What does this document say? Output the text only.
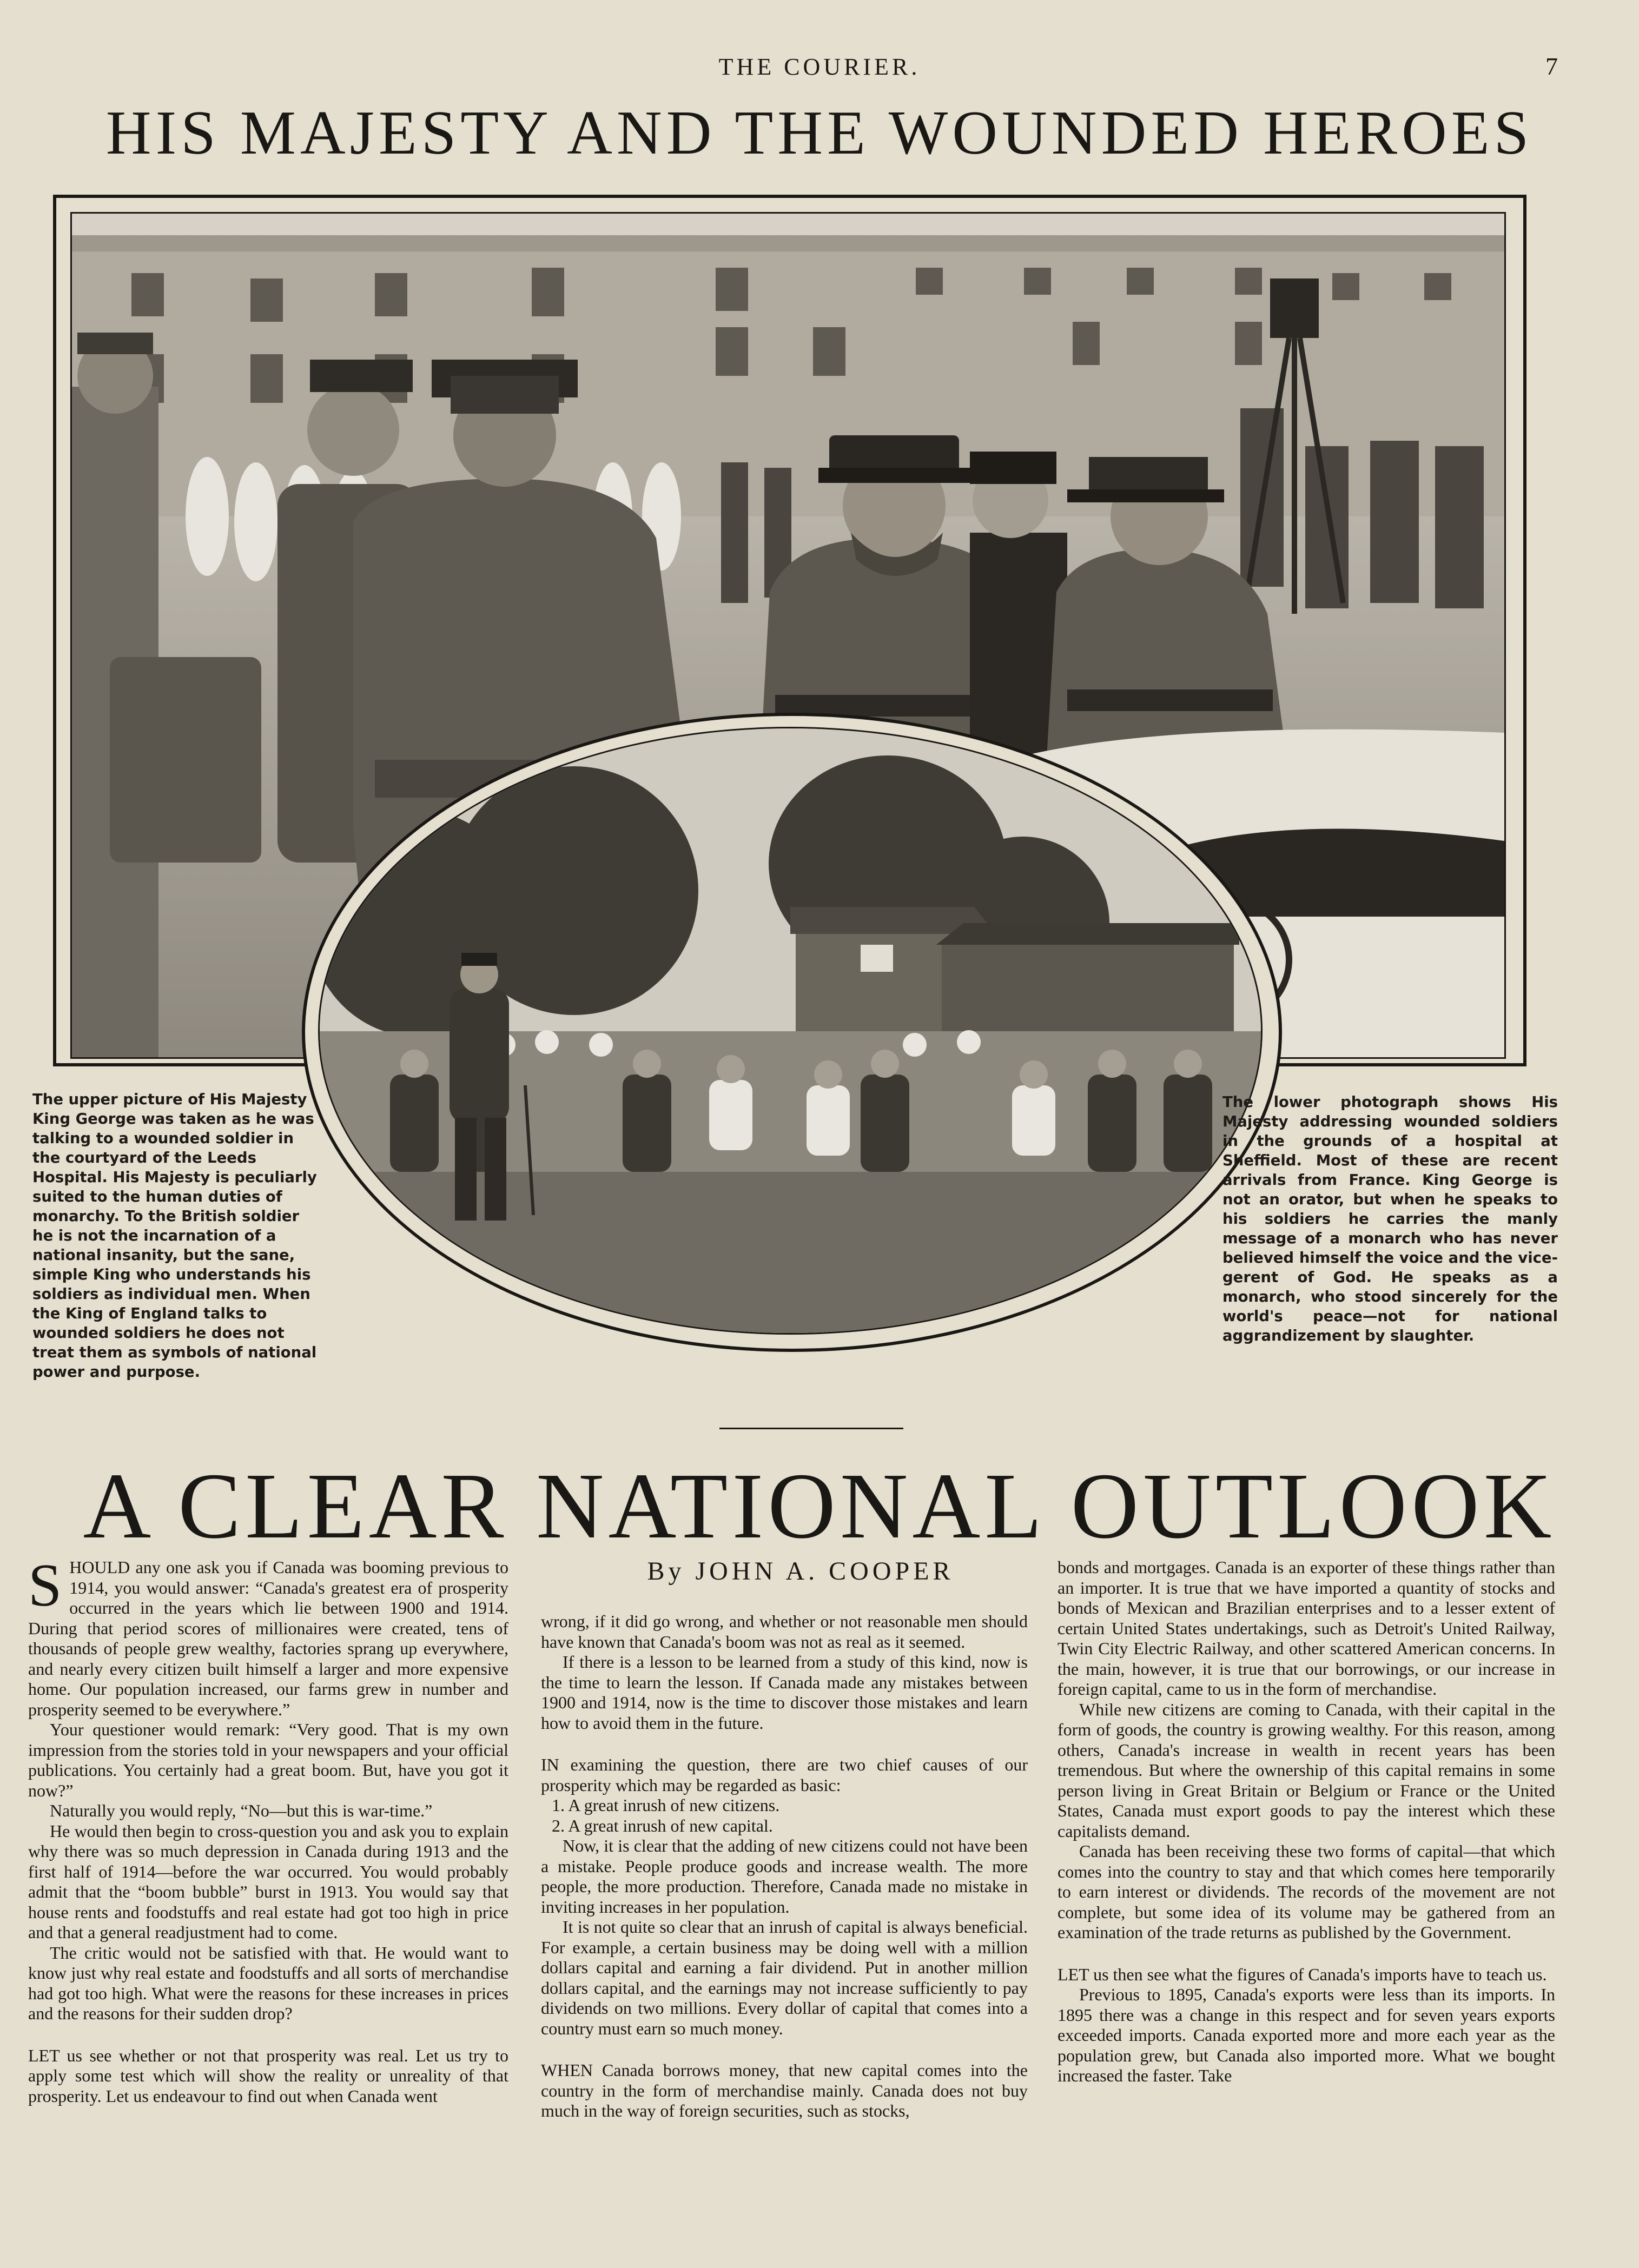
THE COURIER.	7
HIS MAJESTY AND THE WOUNDED HEROES
The upper picture of His Majesty King George was taken as he was talking to a wounded soldier in the courtyard of the Leeds Hospital. His Majesty is peculiarly suited to the human duties of monarchy. To the British soldier he is not the incarnation of a national insanity, but the sane, simple King who understands his soldiers as individual men. When the King of England talks to wounded soldiers he does not treat them as symbols of national power and purpose.
The lower photograph shows His Majesty addressing wounded soldiers in the grounds of a hospital at Sheffield. Most of these are recent arrivals from France. King George is not an orator, but when he speaks to his soldiers he carries the manly message of a monarch who has never believed himself the voice and the vice-gerent of God. He speaks as a monarch, who stood sincerely for the world's peace—not for national aggrandizement by slaughter.
A CLEAR NATIONAL OUTLOOK
By JOHN A. COOPER

SHOULD any one ask you if Canada was booming previous to 1914, you would answer: “Canada's greatest era of prosperity occurred in the years which lie between 1900 and 1914. During that period scores of millionaires were created, tens of thousands of people grew wealthy, factories sprang up everywhere, and nearly every citizen built himself a larger and more expensive home. Our population increased, our farms grew in number and prosperity seemed to be everywhere.”

Your questioner would remark: “Very good. That is my own impression from the stories told in your newspapers and your official publications. You certainly had a great boom. But, have you got it now?”

Naturally you would reply, “No—but this is war-time.”

He would then begin to cross-question you and ask you to explain why there was so much depression in Canada during 1913 and the first half of 1914—before the war occurred. You would probably admit that the “boom bubble” burst in 1913. You would say that house rents and foodstuffs and real estate had got too high in price and that a general readjustment had to come.

The critic would not be satisfied with that. He would want to know just why real estate and foodstuffs and all sorts of merchandise had got too high. What were the reasons for these increases in prices and the reasons for their sudden drop?

LET us see whether or not that prosperity was real. Let us try to apply some test which will show the reality or unreality of that prosperity. Let us endeavour to find out when Canada went

wrong, if it did go wrong, and whether or not reasonable men should have known that Canada's boom was not as real as it seemed.

If there is a lesson to be learned from a study of this kind, now is the time to learn the lesson. If Canada made any mistakes between 1900 and 1914, now is the time to discover those mistakes and learn how to avoid them in the future.

IN examining the question, there are two chief causes of our prosperity which may be regarded as basic:

1. A great inrush of new citizens.

2. A great inrush of new capital.

Now, it is clear that the adding of new citizens could not have been a mistake. People produce goods and increase wealth. The more people, the more production. Therefore, Canada made no mistake in inviting increases in her population.

It is not quite so clear that an inrush of capital is always beneficial. For example, a certain business may be doing well with a million dollars capital and earning a fair dividend. Put in another million dollars capital, and the earnings may not increase sufficiently to pay dividends on two millions. Every dollar of capital that comes into a country must earn so much money.

WHEN Canada borrows money, that new capital comes into the country in the form of merchandise mainly. Canada does not buy much in the way of foreign securities, such as stocks,

bonds and mortgages. Canada is an exporter of these things rather than an importer. It is true that we have imported a quantity of stocks and bonds of Mexican and Brazilian enterprises and to a lesser extent of certain United States undertakings, such as Detroit's United Railway, Twin City Electric Railway, and other scattered American concerns. In the main, however, it is true that our borrowings, or our increase in foreign capital, came to us in the form of merchandise.

While new citizens are coming to Canada, with their capital in the form of goods, the country is growing wealthy. For this reason, among others, Canada's increase in wealth in recent years has been tremendous. But where the ownership of this capital remains in some person living in Great Britain or Belgium or France or the United States, Canada must export goods to pay the interest which these capitalists demand.

Canada has been receiving these two forms of capital—that which comes into the country to stay and that which comes here temporarily to earn interest or dividends. The records of the movement are not complete, but some idea of its volume may be gathered from an examination of the trade returns as published by the Government.

LET us then see what the figures of Canada's imports have to teach us.

Previous to 1895, Canada's exports were less than its imports. In 1895 there was a change in this respect and for seven years exports exceeded imports. Canada exported more and more each year as the population grew, but Canada also imported more. What we bought increased the faster. Take
